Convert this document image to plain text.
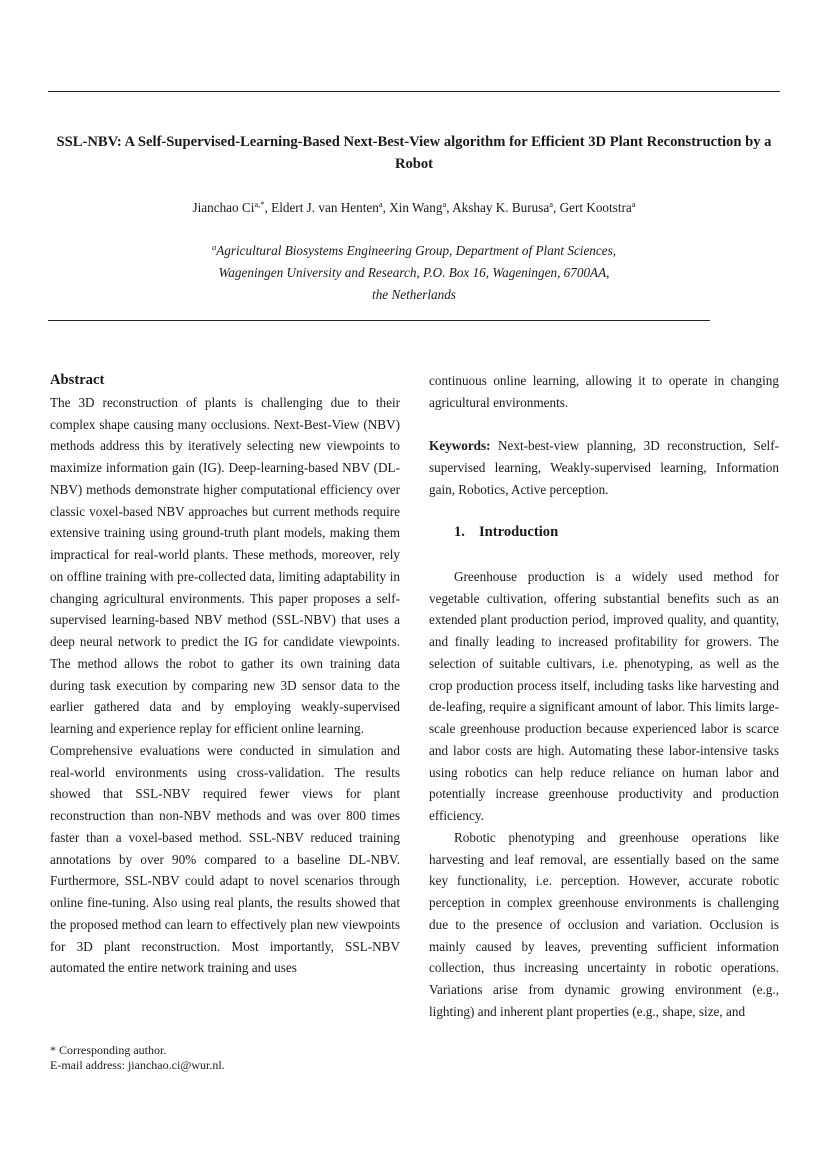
SSL-NBV: A Self-Supervised-Learning-Based Next-Best-View algorithm for Efficient 3D Plant Reconstruction by a Robot
Jianchao $Ci^{a,*}$, Eldert J. van Henten$^a$, Xin Wang$^a$, Akshay K. Burusa$^a$, Gert Kootstra$^a$
$^a$Agricultural Biosystems Engineering Group, Department of Plant Sciences,
Wageningen University and Research, P.O. Box 16, Wageningen, 6700AA,
the Netherlands
Abstract

The 3D reconstruction of plants is challenging due to their complex shape causing many occlusions. Next-Best-View (NBV) methods address this by iteratively selecting new viewpoints to maximize information gain (IG). Deep-learning-based NBV (DL-NBV) methods demonstrate higher computational efficiency over classic voxel-based NBV approaches but current methods require extensive training using ground-truth plant models, making them impractical for real-world plants. These methods, moreover, rely on offline training with pre-collected data, limiting adaptability in changing agricultural environments. This paper proposes a self-supervised learning-based NBV method (SSL-NBV) that uses a deep neural network to predict the IG for candidate viewpoints. The method allows the robot to gather its own training data during task execution by comparing new 3D sensor data to the earlier gathered data and by employing weakly-supervised learning and experience replay for efficient online learning.

Comprehensive evaluations were conducted in simulation and real-world environments using cross-validation. The results showed that SSL-NBV required fewer views for plant reconstruction than non-NBV methods and was over 800 times faster than a voxel-based method. SSL-NBV reduced training annotations by over 90% compared to a baseline DL-NBV. Furthermore, SSL-NBV could adapt to novel scenarios through online fine-tuning. Also using real plants, the results showed that the proposed method can learn to effectively plan new viewpoints for 3D plant reconstruction. Most importantly, SSL-NBV automated the entire network training and uses

continuous online learning, allowing it to operate in changing agricultural environments.

Keywords: Next-best-view planning, 3D reconstruction, Self-supervised learning, Weakly-supervised learning, Information gain, Robotics, Active perception.

1. Introduction

Greenhouse production is a widely used method for vegetable cultivation, offering substantial benefits such as an extended plant production period, improved quality, and quantity, and finally leading to increased profitability for growers. The selection of suitable cultivars, i.e. phenotyping, as well as the crop production process itself, including tasks like harvesting and de-leafing, require a significant amount of labor. This limits large-scale greenhouse production because experienced labor is scarce and labor costs are high. Automating these labor-intensive tasks using robotics can help reduce reliance on human labor and potentially increase greenhouse productivity and production efficiency.

Robotic phenotyping and greenhouse operations like harvesting and leaf removal, are essentially based on the same key functionality, i.e. perception. However, accurate robotic perception in complex greenhouse environments is challenging due to the presence of occlusion and variation. Occlusion is mainly caused by leaves, preventing sufficient information collection, thus increasing uncertainty in robotic operations. Variations arise from dynamic growing environment (e.g., lighting) and inherent plant properties (e.g., shape, size, and

* Corresponding author.
E-mail address: jianchao.ci@wur.nl.
